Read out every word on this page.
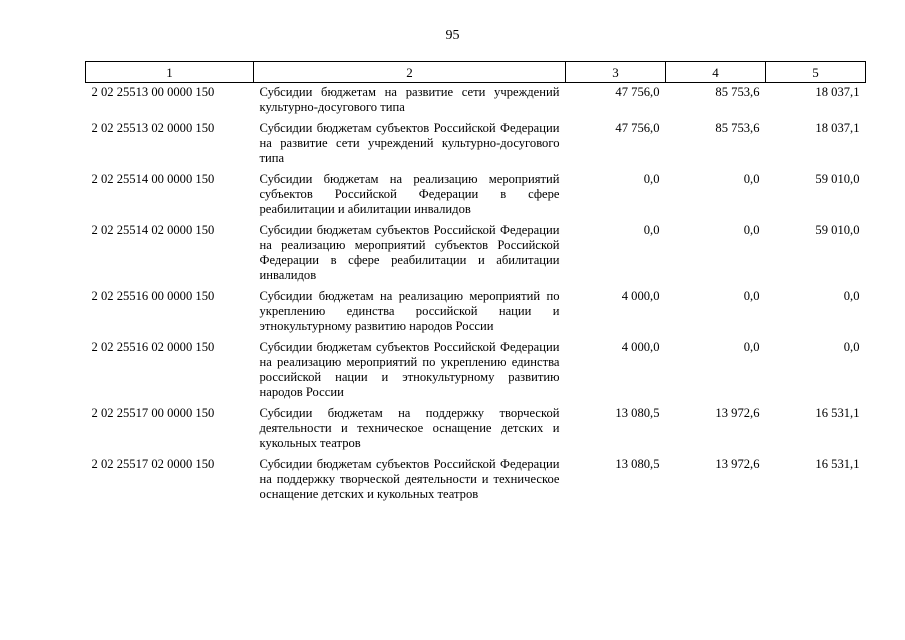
95
1	2	3	4	5
2 02 25513 00 0000 150	Субсидии бюджетам на развитие сети учреждений культурно-досугового типа	47 756,0	85 753,6	18 037,1
2 02 25513 02 0000 150	Субсидии бюджетам субъектов Российской Федерации на развитие сети учреждений культурно-досугового типа	47 756,0	85 753,6	18 037,1
2 02 25514 00 0000 150	Субсидии бюджетам на реализацию мероприятий субъектов Российской Федерации в сфере реабилитации и абилитации инвалидов	0,0	0,0	59 010,0
2 02 25514 02 0000 150	Субсидии бюджетам субъектов Российской Федерации на реализацию мероприятий субъектов Российской Федерации в сфере реабилитации и абилитации инвалидов	0,0	0,0	59 010,0
2 02 25516 00 0000 150	Субсидии бюджетам на реализацию мероприятий по укреплению единства российской нации и этнокультурному развитию народов России	4 000,0	0,0	0,0
2 02 25516 02 0000 150	Субсидии бюджетам субъектов Российской Федерации на реализацию мероприятий по укреплению единства российской нации и этнокультурному развитию народов России	4 000,0	0,0	0,0
2 02 25517 00 0000 150	Субсидии бюджетам на поддержку творческой деятельности и техническое оснащение детских и кукольных театров	13 080,5	13 972,6	16 531,1
2 02 25517 02 0000 150	Субсидии бюджетам субъектов Российской Федерации на поддержку творческой деятельности и техническое оснащение детских и кукольных театров	13 080,5	13 972,6	16 531,1
